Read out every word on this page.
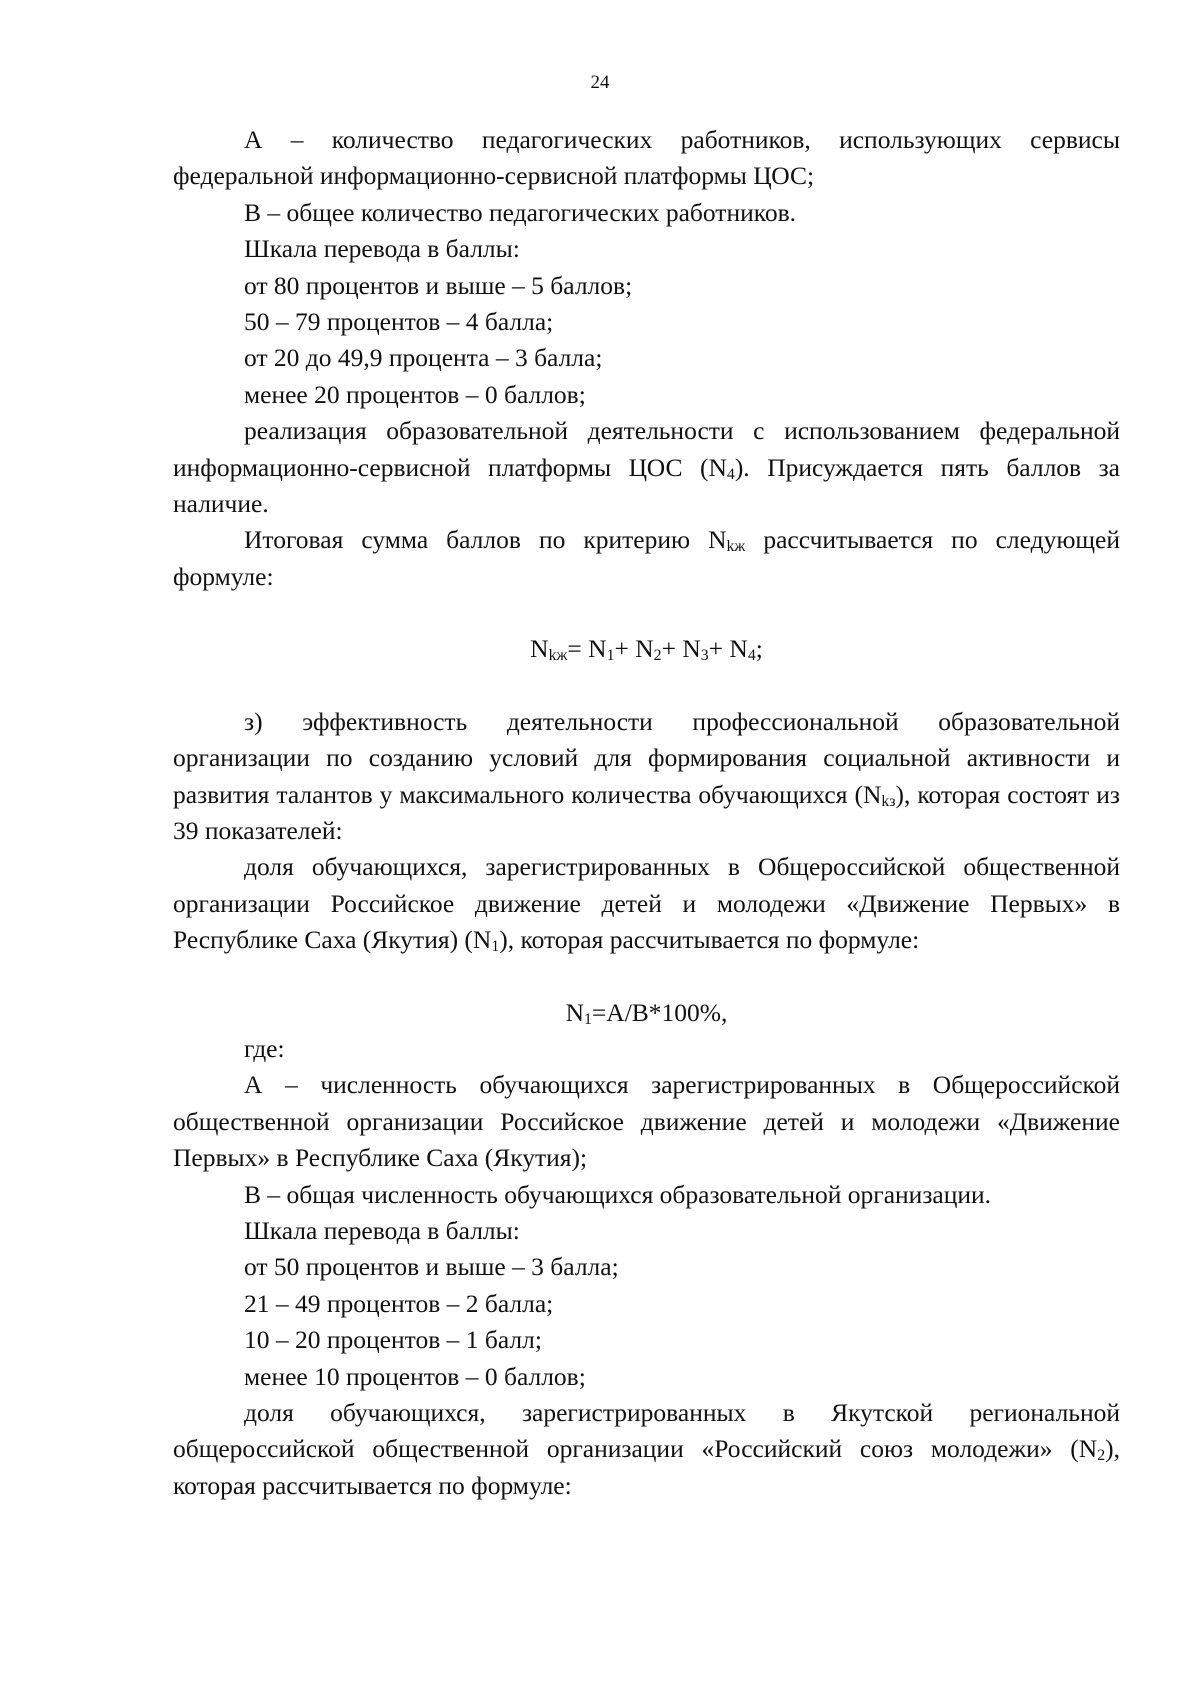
24

А – количество педагогических работников, использующих сервисы федеральной информационно-сервисной платформы ЦОС;

В – общее количество педагогических работников.

Шкала перевода в баллы:

от 80 процентов и выше – 5 баллов;

50 – 79 процентов – 4 балла;

от 20 до 49,9 процента – 3 балла;

менее 20 процентов – 0 баллов;

реализация образовательной деятельности с использованием федеральной информационно-сервисной платформы ЦОС $(N_4)$. Присуждается пять баллов за наличие.

Итоговая сумма баллов по критерию $N_{kж}$ рассчитывается по следующей формуле:

$N_{kж}= N_1+ N_2+ N_3+ N_4$;

з) эффективность деятельности профессиональной образовательной организации по созданию условий для формирования социальной активности и развития талантов у максимального количества обучающихся $(N_{kз})$, которая состоят из 39 показателей:

доля обучающихся, зарегистрированных в Общероссийской общественной организации Российское движение детей и молодежи «Движение Первых» в Республике Саха (Якутия) $(N_1)$, которая рассчитывается по формуле:

$N_1=A/B*100\%$,

где:

А – численность обучающихся зарегистрированных в Общероссийской общественной организации Российское движение детей и молодежи «Движение Первых» в Республике Саха (Якутия);

В – общая численность обучающихся образовательной организации.

Шкала перевода в баллы:

от 50 процентов и выше – 3 балла;

21 – 49 процентов – 2 балла;

10 – 20 процентов – 1 балл;

менее 10 процентов – 0 баллов;

доля обучающихся, зарегистрированных в Якутской региональной общероссийской общественной организации «Российский союз молодежи» $(N_2)$, которая рассчитывается по формуле:
